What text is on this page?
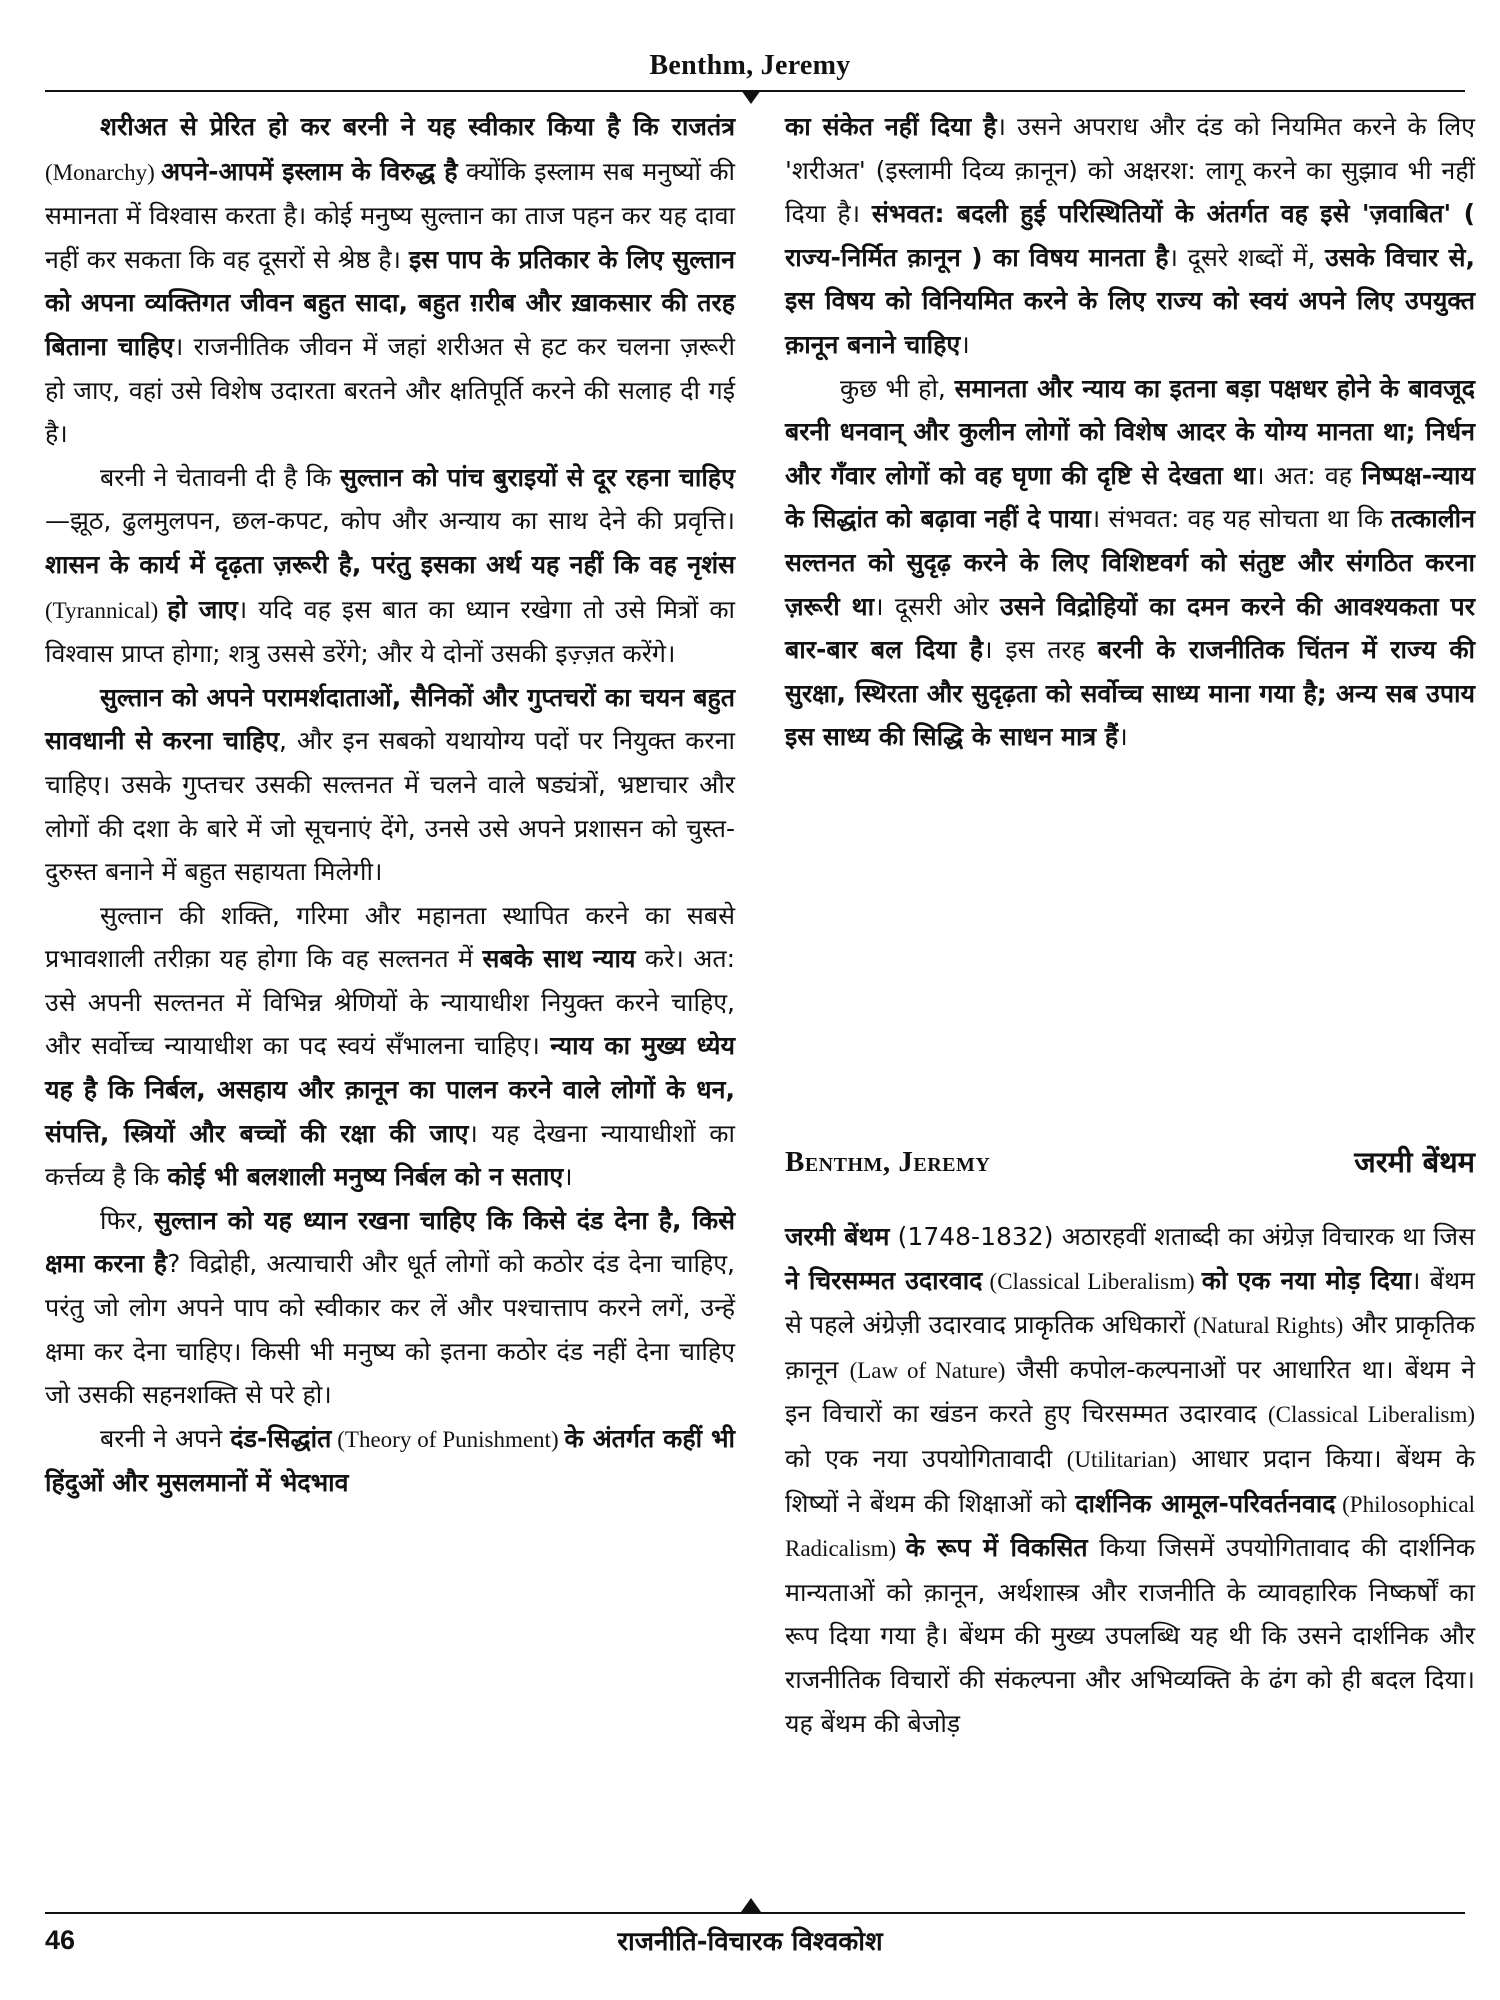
Benthm, Jeremy

शरीअत से प्रेरित हो कर बरनी ने यह स्वीकार किया है कि राजतंत्र (Monarchy) अपने-आपमें इस्लाम के विरुद्ध है क्योंकि इस्लाम सब मनुष्यों की समानता में विश्वास करता है। कोई मनुष्य सुल्तान का ताज पहन कर यह दावा नहीं कर सकता कि वह दूसरों से श्रेष्ठ है। इस पाप के प्रतिकार के लिए सुल्तान को अपना व्यक्तिगत जीवन बहुत सादा, बहुत ग़रीब और ख़ाकसार की तरह बिताना चाहिए। राजनीतिक जीवन में जहां शरीअत से हट कर चलना ज़रूरी हो जाए, वहां उसे विशेष उदारता बरतने और क्षतिपूर्ति करने की सलाह दी गई है।

बरनी ने चेतावनी दी है कि सुल्तान को पांच बुराइयों से दूर रहना चाहिए—झूठ, ढुलमुलपन, छल-कपट, कोप और अन्याय का साथ देने की प्रवृत्ति। शासन के कार्य में दृढ़ता ज़रूरी है, परंतु इसका अर्थ यह नहीं कि वह नृशंस (Tyrannical) हो जाए। यदि वह इस बात का ध्यान रखेगा तो उसे मित्रों का विश्वास प्राप्त होगा; शत्रु उससे डरेंगे; और ये दोनों उसकी इज़्ज़त करेंगे।

सुल्तान को अपने परामर्शदाताओं, सैनिकों और गुप्तचरों का चयन बहुत सावधानी से करना चाहिए, और इन सबको यथायोग्य पदों पर नियुक्त करना चाहिए। उसके गुप्तचर उसकी सल्तनत में चलने वाले षड्यंत्रों, भ्रष्टाचार और लोगों की दशा के बारे में जो सूचनाएं देंगे, उनसे उसे अपने प्रशासन को चुस्त-दुरुस्त बनाने में बहुत सहायता मिलेगी।

सुल्तान की शक्ति, गरिमा और महानता स्थापित करने का सबसे प्रभावशाली तरीक़ा यह होगा कि वह सल्तनत में सबके साथ न्याय करे। अत: उसे अपनी सल्तनत में विभिन्न श्रेणियों के न्यायाधीश नियुक्त करने चाहिए, और सर्वोच्च न्यायाधीश का पद स्वयं सँभालना चाहिए। न्याय का मुख्य ध्येय यह है कि निर्बल, असहाय और क़ानून का पालन करने वाले लोगों के धन, संपत्ति, स्त्रियों और बच्चों की रक्षा की जाए। यह देखना न्यायाधीशों का कर्त्तव्य है कि कोई भी बलशाली मनुष्य निर्बल को न सताए।

फिर, सुल्तान को यह ध्यान रखना चाहिए कि किसे दंड देना है, किसे क्षमा करना है? विद्रोही, अत्याचारी और धूर्त लोगों को कठोर दंड देना चाहिए, परंतु जो लोग अपने पाप को स्वीकार कर लें और पश्चात्ताप करने लगें, उन्हें क्षमा कर देना चाहिए। किसी भी मनुष्य को इतना कठोर दंड नहीं देना चाहिए जो उसकी सहनशक्ति से परे हो।

बरनी ने अपने दंड-सिद्धांत (Theory of Punishment) के अंतर्गत कहीं भी हिंदुओं और मुसलमानों में भेदभाव

का संकेत नहीं दिया है। उसने अपराध और दंड को नियमित करने के लिए 'शरीअत' (इस्लामी दिव्य क़ानून) को अक्षरश: लागू करने का सुझाव भी नहीं दिया है। संभवत: बदली हुई परिस्थितियों के अंतर्गत वह इसे 'ज़वाबित' ( राज्य-निर्मित क़ानून ) का विषय मानता है। दूसरे शब्दों में, उसके विचार से, इस विषय को विनियमित करने के लिए राज्य को स्वयं अपने लिए उपयुक्त क़ानून बनाने चाहिए।

कुछ भी हो, समानता और न्याय का इतना बड़ा पक्षधर होने के बावजूद बरनी धनवान् और कुलीन लोगों को विशेष आदर के योग्य मानता था; निर्धन और गँवार लोगों को वह घृणा की दृष्टि से देखता था। अत: वह निष्पक्ष-न्याय के सिद्धांत को बढ़ावा नहीं दे पाया। संभवत: वह यह सोचता था कि तत्कालीन सल्तनत को सुदृढ़ करने के लिए विशिष्टवर्ग को संतुष्ट और संगठित करना ज़रूरी था। दूसरी ओर उसने विद्रोहियों का दमन करने की आवश्यकता पर बार-बार बल दिया है। इस तरह बरनी के राजनीतिक चिंतन में राज्य की सुरक्षा, स्थिरता और सुदृढ़ता को सर्वोच्च साध्य माना गया है; अन्य सब उपाय इस साध्य की सिद्धि के साधन मात्र हैं।

Benthm, Jeremy	जरमी बेंथम

जरमी बेंथम (1748-1832) अठारहवीं शताब्दी का अंग्रेज़ विचारक था जिस ने चिरसम्मत उदारवाद (Classical Liberalism) को एक नया मोड़ दिया। बेंथम से पहले अंग्रेज़ी उदारवाद प्राकृतिक अधिकारों (Natural Rights) और प्राकृतिक क़ानून (Law of Nature) जैसी कपोल-कल्पनाओं पर आधारित था। बेंथम ने इन विचारों का खंडन करते हुए चिरसम्मत उदारवाद (Classical Liberalism) को एक नया उपयोगितावादी (Utilitarian) आधार प्रदान किया। बेंथम के शिष्यों ने बेंथम की शिक्षाओं को दार्शनिक आमूल-परिवर्तनवाद (Philosophical Radicalism) के रूप में विकसित किया जिसमें उपयोगितावाद की दार्शनिक मान्यताओं को क़ानून, अर्थशास्त्र और राजनीति के व्यावहारिक निष्कर्षों का रूप दिया गया है। बेंथम की मुख्य उपलब्धि यह थी कि उसने दार्शनिक और राजनीतिक विचारों की संकल्पना और अभिव्यक्ति के ढंग को ही बदल दिया। यह बेंथम की बेजोड़

46	राजनीति-विचारक विश्वकोश
